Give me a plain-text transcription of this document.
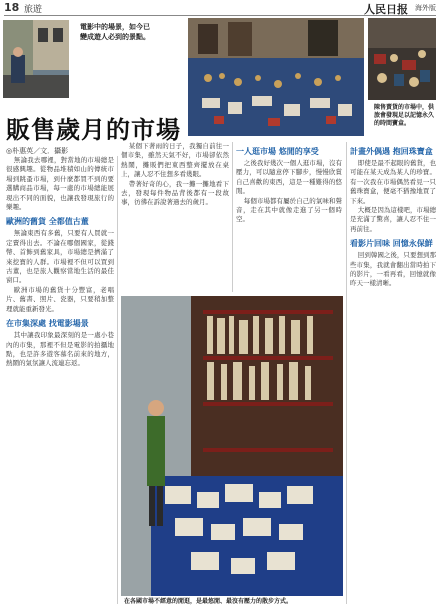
18 旅遊	人民日报 海外版
電影中的場景，如今已變成遊人必到的景點。
陳售賣貨的市場中，供旅會發現足以記憶永久的時間寶盒。
販售歲月的市場
◎朴惠英／文．攝影

無論我去哪裡，對當地的市場總是很感興趣。從物品堆積如山的傳統市場到跳蚤市場，到什麼都買不到的要選購商品市場，每一處的市場總能展現出不同的面貌，也讓我發現旅行的樂趣。

歐洲的舊貨 全都值古董

無論東西有多舊，只要有人買就一定賣得出去。不論在哪個國家，從錢幣、首飾到舊家具，市場總是擠滿了來挖寶的人群。市場裡不但可以買到古董，也是旅人觀察當地生活的最佳窗口。

歐洲市場的舊貨十分豐富，老唱片、舊書、照片、瓷器，只要稍加整理就能重新發光。

在市集深處 找電影場景

其中讓我印象最深刻的是一處小巷內的市集，那裡不但是電影的拍攝地點，也是許多遊客慕名前來的地方，熱鬧的氣氛讓人流連忘返。

某個下著雨的日子，我獨自前往一個市集，雖然天氣不好，市場卻依然熱鬧，攤販們把東西整齊擺放在桌上，讓人忍不住想多看幾眼。

帶著好奇的心，我一攤一攤地看下去，發現每件物品背後都有一段故事，彷彿在訴說著過去的歲月。

一人逛市場 悠閒的享受

之後我好幾次一個人逛市場，沒有壓力，可以隨意停下腳步，慢慢欣賞自己喜歡的東西，這是一種難得的悠閒。

每個市場都有屬於自己的氣味和聲音，走在其中就像走進了另一個時空。

計畫外偶遇 抱回珠寶盒

即使是最不起眼的舊貨，也可能在某天成為某人的珍寶。有一次我在市場偶然看見一只舊珠寶盒，便毫不猶豫地買了下來。

大概是因為這樣吧，市場總是充滿了驚喜，讓人忍不住一再前往。

看影片回味 回憶永保鮮

回到韓國之後，只要想到那些市集，我就會翻出當時拍下的影片，一看再看，回憶就像昨天一樣清晰。

在各國市場不經意的閒逛，是最悠閒、最沒有壓力的散步方式。
